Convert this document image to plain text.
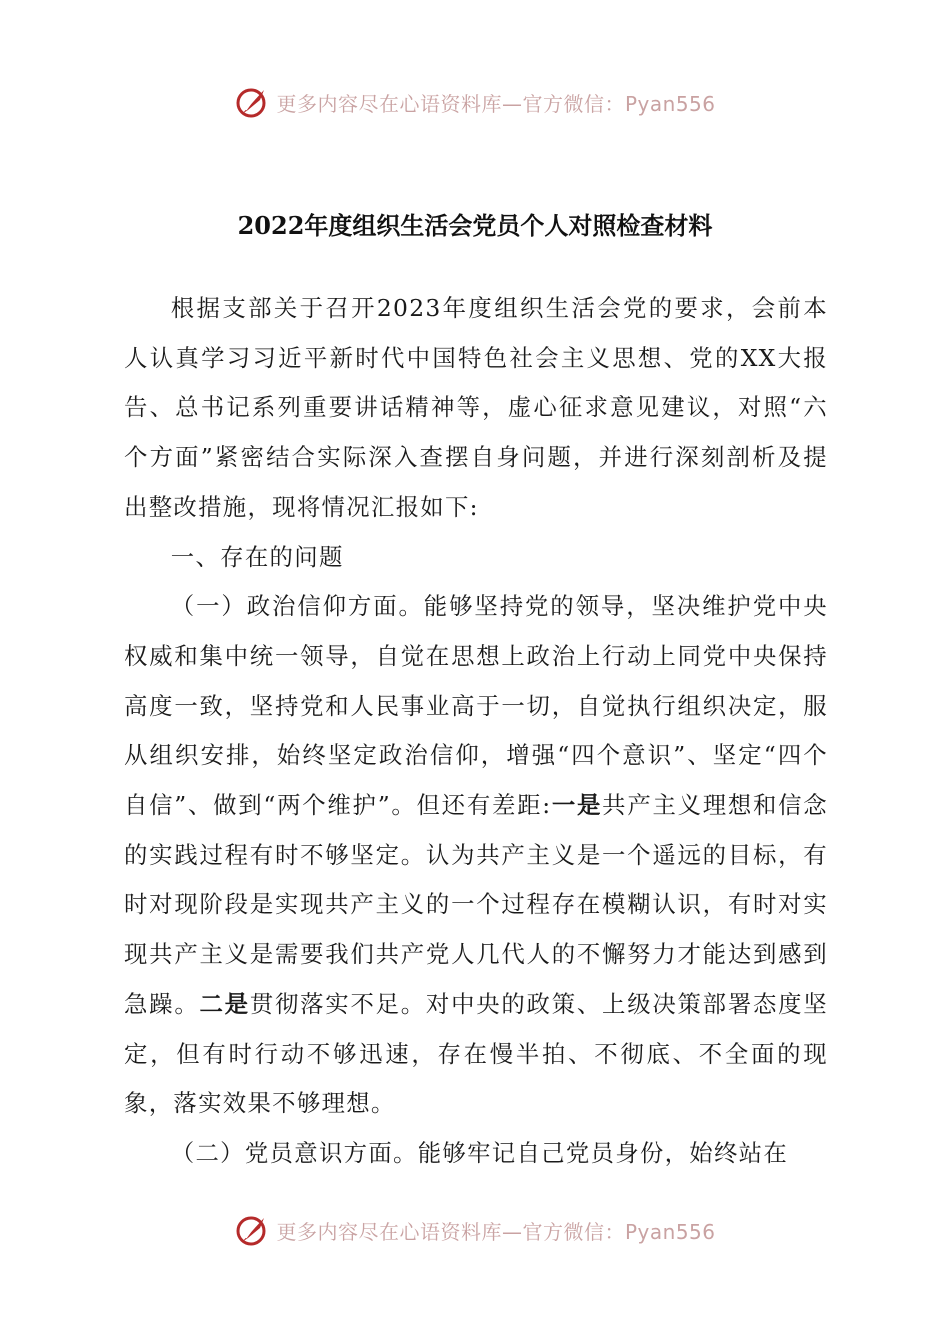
更多内容尽在心语资料库—官方微信：Pyan556
2022年度组织生活会党员个人对照检查材料

根据支部关于召开2023年度组织生活会党的要求，会前本人认真学习习近平新时代中国特色社会主义思想、党的XX大报告、总书记系列重要讲话精神等，虚心征求意见建议，对照“六个方面”紧密结合实际深入查摆自身问题，并进行深刻剖析及提出整改措施，现将情况汇报如下:

一、存在的问题

（一）政治信仰方面。能够坚持党的领导，坚决维护党中央权威和集中统一领导，自觉在思想上政治上行动上同党中央保持高度一致，坚持党和人民事业高于一切，自觉执行组织决定，服从组织安排，始终坚定政治信仰，增强“四个意识”、坚定“四个自信”、做到“两个维护”。但还有差距:一是共产主义理想和信念的实践过程有时不够坚定。认为共产主义是一个遥远的目标，有时对现阶段是实现共产主义的一个过程存在模糊认识，有时对实现共产主义是需要我们共产党人几代人的不懈努力才能达到感到急躁。二是贯彻落实不足。对中央的政策、上级决策部署态度坚定，但有时行动不够迅速，存在慢半拍、不彻底、不全面的现象，落实效果不够理想。

（二）党员意识方面。能够牢记自己党员身份，始终站在

更多内容尽在心语资料库—官方微信：Pyan556
